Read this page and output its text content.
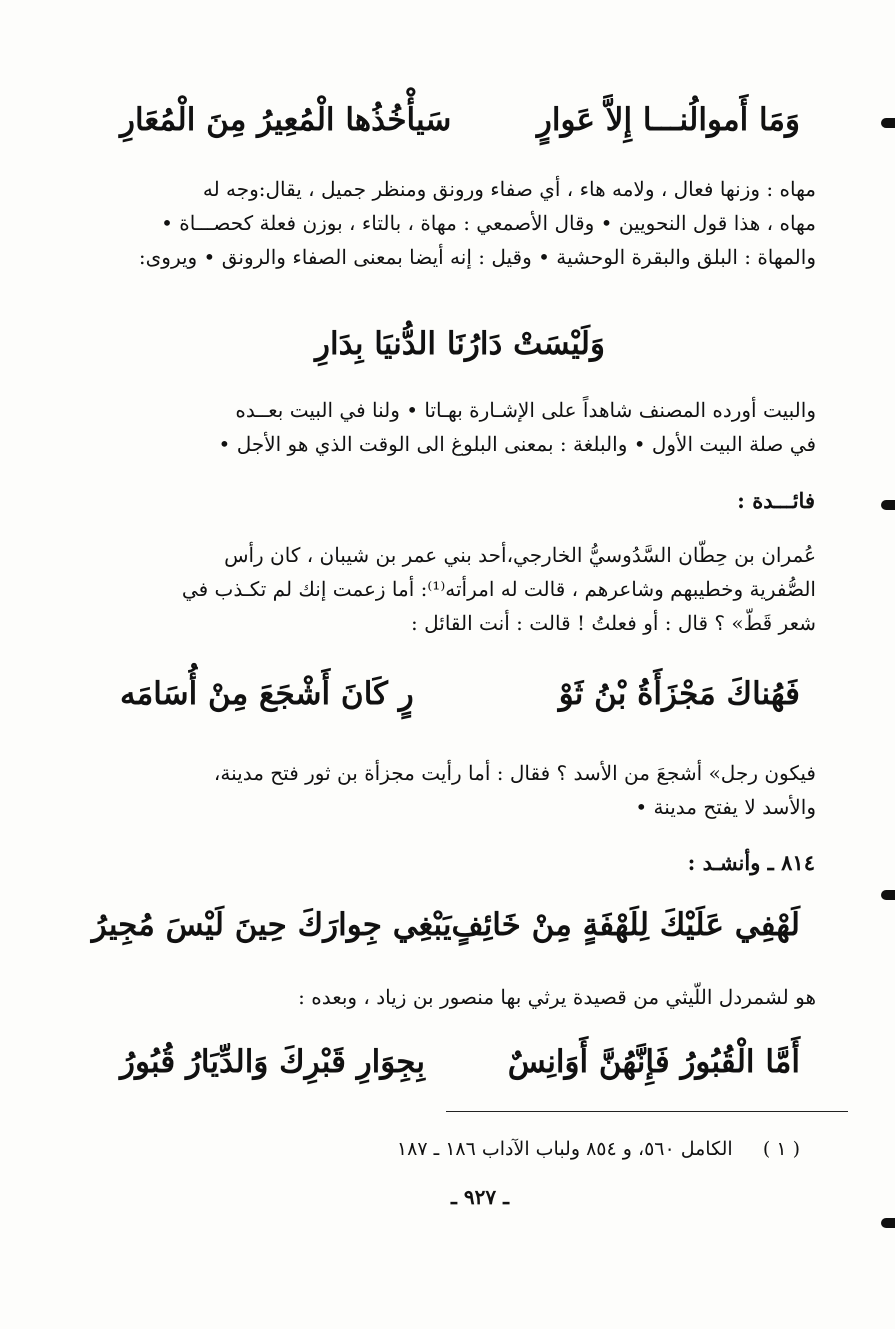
وَمَا أَموالُنـــا إِلاَّ عَوارٍ
سَيأْخُذُها الْمُعِيرُ مِنَ الْمُعَارِ
مهاه : وزنها فعال ، ولامه هاء ، أي صفاء ورونق ومنظر جميل ، يقال:وجه له
مهاه ، هذا قول النحويين • وقال الأصمعي : مهاة ، بالتاء ، بوزن فعلة كحصـــاة •
والمهاة : البلق والبقرة الوحشية • وقيل : إنه أيضا بمعنى الصفاء والرونق • ويروى:
وَلَيْسَتْ دَارُنَا الدُّنيَا بِدَارِ
والبيت أورده المصنف شاهداً على الإشـارة بهـاتا • ولنا في البيت بعــده
في صلة البيت الأول • والبلغة : بمعنى البلوغ الى الوقت الذي هو الأجل •
فائـــدة :
عُمران بن حِطّان السَّدُوسيُّ الخارجي،أحد بني عمر بن شيبان ، كان رأس
الصُّفرية وخطيبهم وشاعرهم ، قالت له امرأته⁽¹⁾: أما زعمت إنك لم تكـذب في
شعر قَطّ» ؟ قال : أو فعلتُ ! قالت : أنت القائل :
فَهُناكَ مَجْزَأَةُ بْنُ ثَوْ
رٍ كَانَ أَشْجَعَ مِنْ أُسَامَه
فيكون رجل» أشجعَ من الأسد ؟ فقال : أما رأيت مجزأة بن ثور فتح مدينة،
والأسد لا يفتح مدينة •
٨١٤ ـ وأنشـد :
لَهْفِي عَلَيْكَ لِلَهْفَةٍ مِنْ خَائِفٍ
يَبْغِي جِوارَكَ حِينَ لَيْسَ مُجِيرُ
هو لشمردل اللّيثي من قصيدة يرثي بها منصور بن زياد ، وبعده :
أَمَّا الْقُبُورُ فَإِنَّهُنَّ أَوَانِسٌ
بِجِوَارِ قَبْرِكَ وَالدِّيَارُ قُبُورُ
( ١ )     الكامل ٥٦٠، و ٨٥٤ ولباب الآداب ١٨٦ ـ ١٨٧
ـ ٩٢٧ ـ
